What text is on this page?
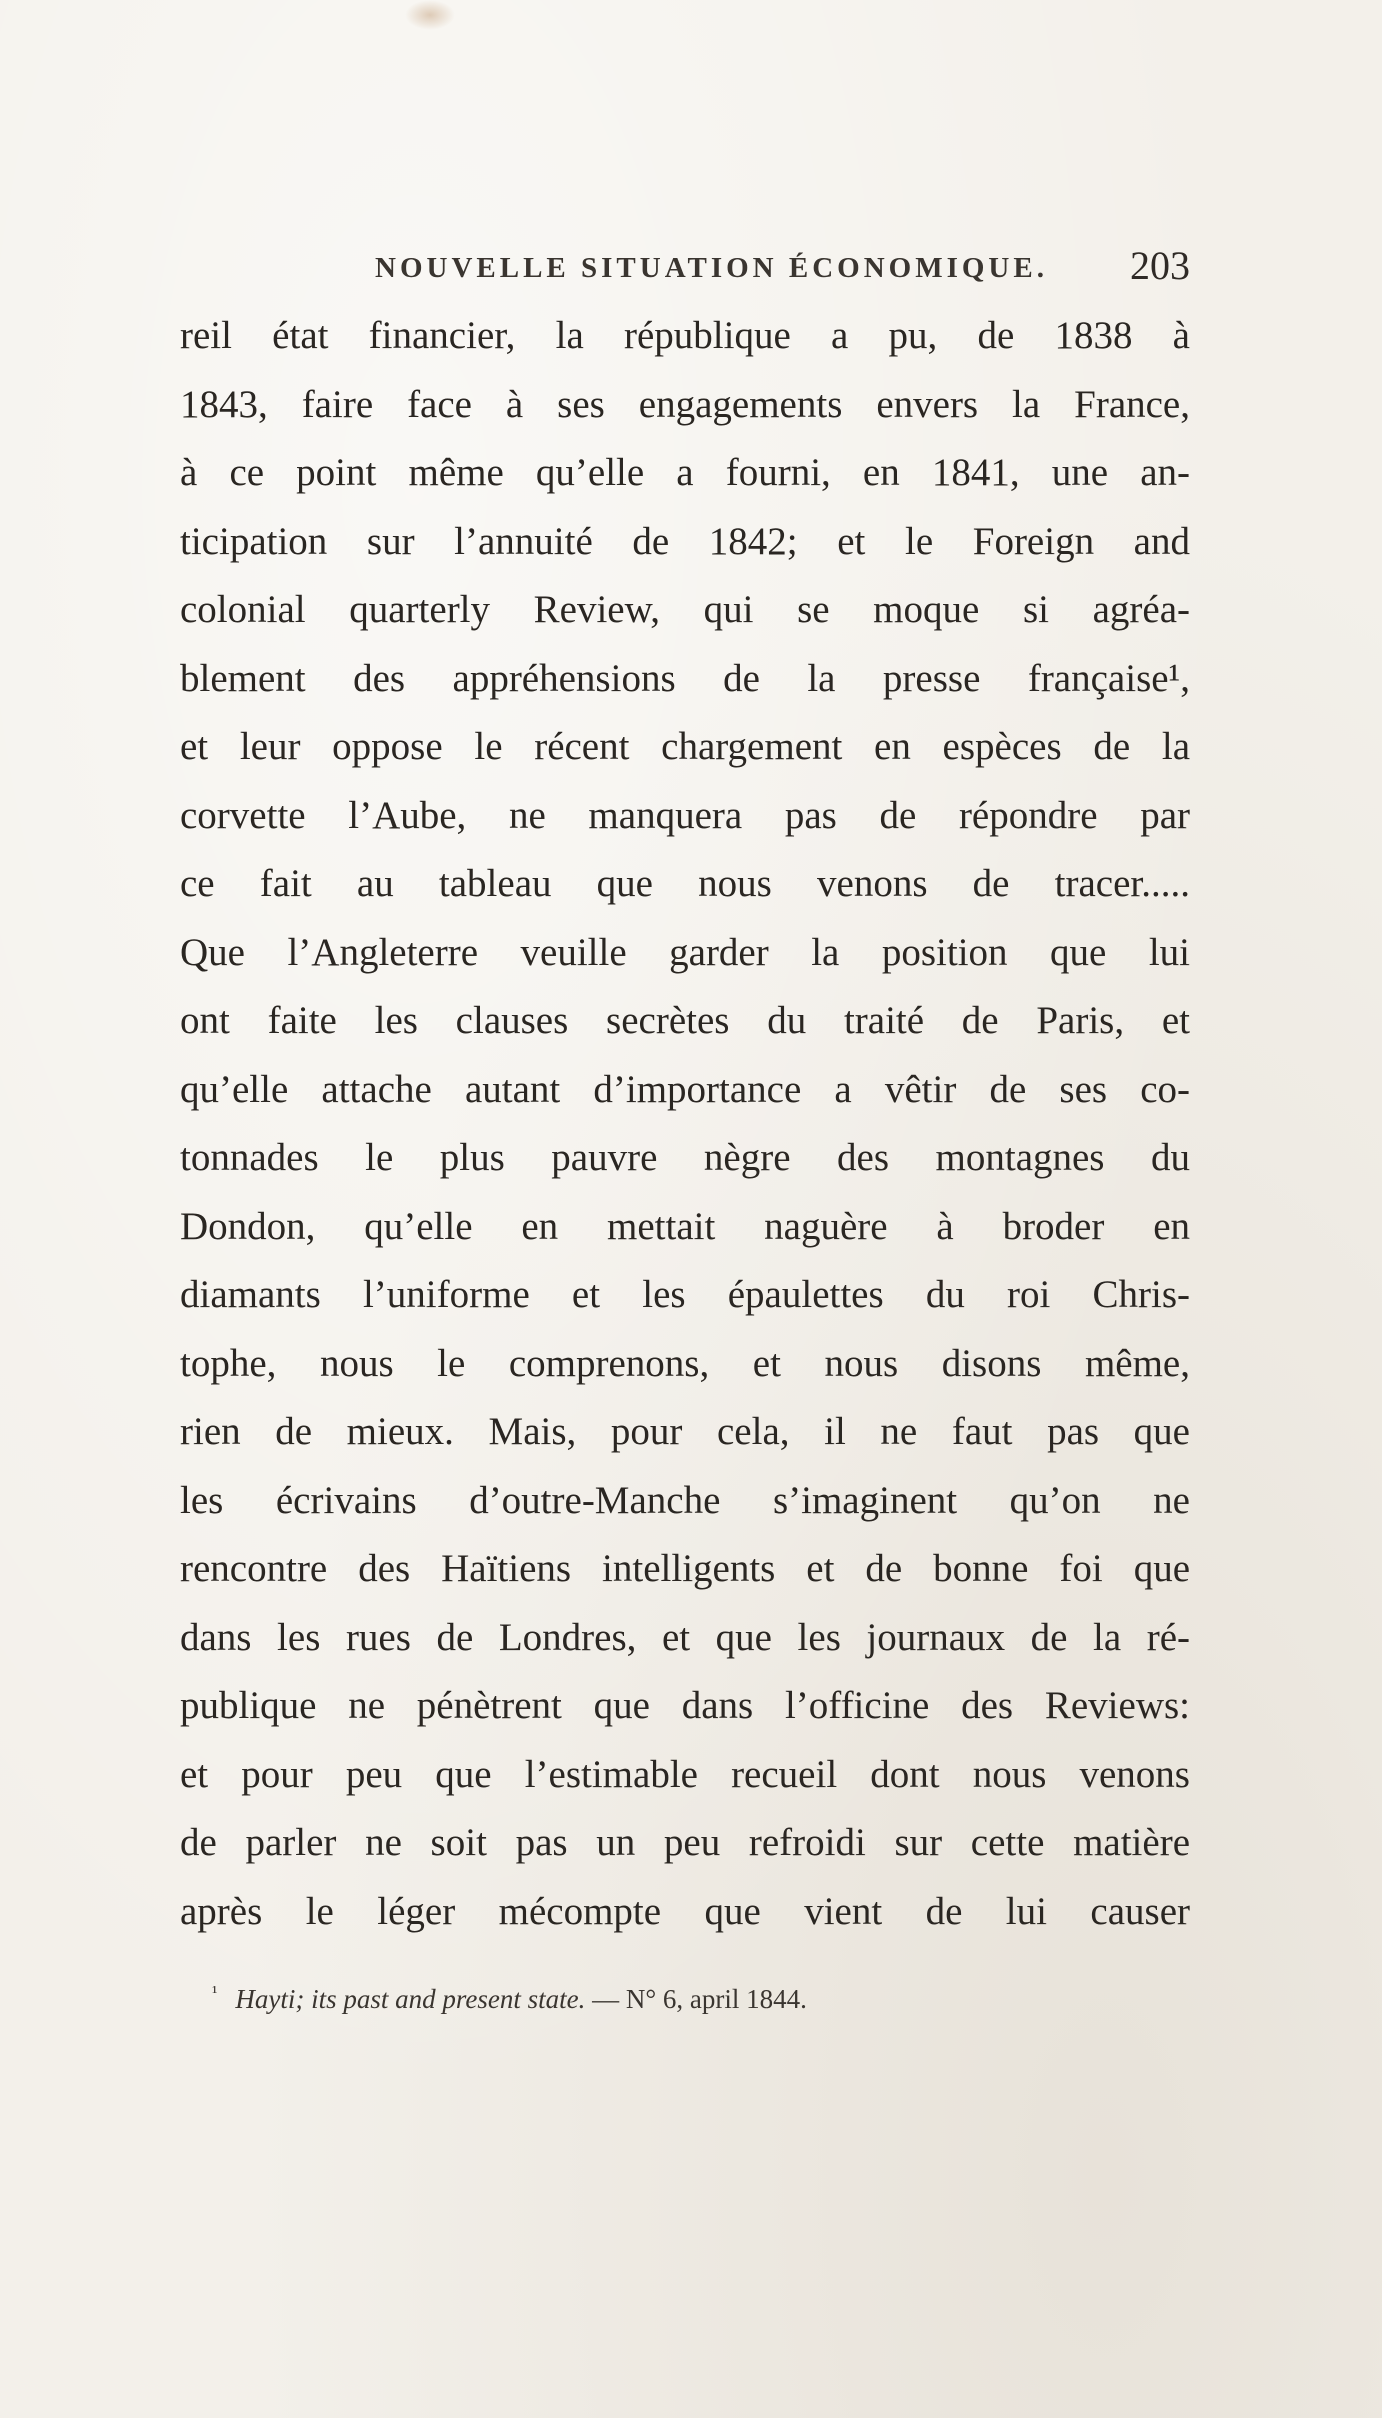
NOUVELLE SITUATION ÉCONOMIQUE. 203
reil état financier, la république a pu, de 1838 à
1843, faire face à ses engagements envers la France,
à ce point même qu’elle a fourni, en 1841, une an-
ticipation sur l’annuité de 1842; et le Foreign and
colonial quarterly Review, qui se moque si agréa-
blement des appréhensions de la presse française¹,
et leur oppose le récent chargement en espèces de la
corvette l’Aube, ne manquera pas de répondre par
ce fait au tableau que nous venons de tracer.....
Que l’Angleterre veuille garder la position que lui
ont faite les clauses secrètes du traité de Paris, et
qu’elle attache autant d’importance a vêtir de ses co-
tonnades le plus pauvre nègre des montagnes du
Dondon, qu’elle en mettait naguère à broder en
diamants l’uniforme et les épaulettes du roi Chris-
tophe, nous le comprenons, et nous disons même,
rien de mieux. Mais, pour cela, il ne faut pas que
les écrivains d’outre-Manche s’imaginent qu’on ne
rencontre des Haïtiens intelligents et de bonne foi que
dans les rues de Londres, et que les journaux de la ré-
publique ne pénètrent que dans l’officine des Reviews:
et pour peu que l’estimable recueil dont nous venons
de parler ne soit pas un peu refroidi sur cette matière
après le léger mécompte que vient de lui causer
$^{^1}$ Hayti; its past and present state. — N° 6, april 1844.
